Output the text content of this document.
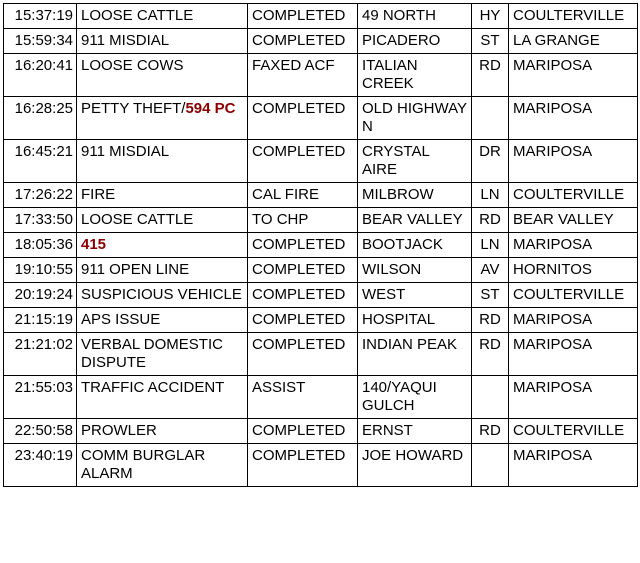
15:37:19	LOOSE CATTLE	COMPLETED	49 NORTH	HY	COULTERVILLE
15:59:34	911 MISDIAL	COMPLETED	PICADERO	ST	LA GRANGE
16:20:41	LOOSE COWS	FAXED ACF	ITALIAN CREEK	RD	MARIPOSA
16:28:25	PETTY THEFT/594 PC	COMPLETED	OLD HIGHWAY N		MARIPOSA
16:45:21	911 MISDIAL	COMPLETED	CRYSTAL AIRE	DR	MARIPOSA
17:26:22	FIRE	CAL FIRE	MILBROW	LN	COULTERVILLE
17:33:50	LOOSE CATTLE	TO CHP	BEAR VALLEY	RD	BEAR VALLEY
18:05:36	415	COMPLETED	BOOTJACK	LN	MARIPOSA
19:10:55	911 OPEN LINE	COMPLETED	WILSON	AV	HORNITOS
20:19:24	SUSPICIOUS VEHICLE	COMPLETED	WEST	ST	COULTERVILLE
21:15:19	APS ISSUE	COMPLETED	HOSPITAL	RD	MARIPOSA
21:21:02	VERBAL DOMESTIC DISPUTE	COMPLETED	INDIAN PEAK	RD	MARIPOSA
21:55:03	TRAFFIC ACCIDENT	ASSIST	140/YAQUI GULCH		MARIPOSA
22:50:58	PROWLER	COMPLETED	ERNST	RD	COULTERVILLE
23:40:19	COMM BURGLAR ALARM	COMPLETED	JOE HOWARD		MARIPOSA
